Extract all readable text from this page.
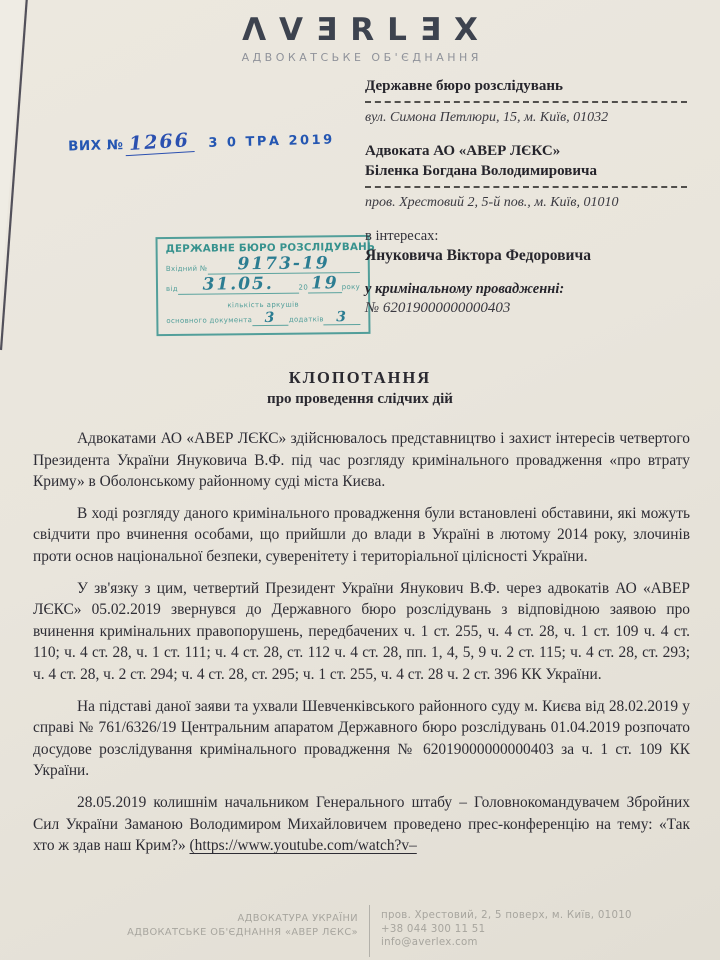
ΛVƎRLƎX
АДВОКАТСЬКЕ ОБ'ЄДНАННЯ
ВИХ № 1266 3 0 ТРА 2019
ДЕРЖАВНЕ БЮРО РОЗСЛІДУВАНЬ
Вхідний №	9173-19
від	31.05.	20 19 року
кількість аркушів
основного документа 3	додатків 3
Державне бюро розслідувань
вул. Симона Петлюри, 15, м. Київ, 01032
Адвоката АО «АВЕР ЛЄКС»
Біленка Богдана Володимировича
пров. Хрестовий 2, 5-й пов., м. Київ, 01010
в інтересах:
Януковича Віктора Федоровича
у кримінальному провадженні:
№ 62019000000000403
КЛОПОТАННЯ
про проведення слідчих дій

Адвокатами АО «АВЕР ЛЄКС» здійснювалось представництво і захист інтересів четвертого Президента України Януковича В.Ф. під час розгляду кримінального провадження «про втрату Криму» в Оболонському районному суді міста Києва.

В ході розгляду даного кримінального провадження були встановлені обставини, які можуть свідчити про вчинення особами, що прийшли до влади в Україні в лютому 2014 року, злочинів проти основ національної безпеки, суверенітету і територіальної цілісності України.

У зв'язку з цим, четвертий Президент України Янукович В.Ф. через адвокатів АО «АВЕР ЛЄКС» 05.02.2019 звернувся до Державного бюро розслідувань з відповідною заявою про вчинення кримінальних правопорушень, передбачених ч. 1 ст. 255, ч. 4 ст. 28, ч. 1 ст. 109 ч. 4 ст. 110; ч. 4 ст. 28, ч. 1 ст. 111; ч. 4 ст. 28, ст. 112 ч. 4 ст. 28, пп. 1, 4, 5, 9 ч. 2 ст. 115; ч. 4 ст. 28, ст. 293; ч. 4 ст. 28, ч. 2 ст. 294; ч. 4 ст. 28, ст. 295; ч. 1 ст. 255, ч. 4 ст. 28 ч. 2 ст. 396 КК України.

На підставі даної заяви та ухвали Шевченківського районного суду м. Києва від 28.02.2019 у справі № 761/6326/19 Центральним апаратом Державного бюро розслідувань 01.04.2019 розпочато досудове розслідування кримінального провадження № 62019000000000403 за ч. 1 ст. 109 КК України.

28.05.2019 колишнім начальником Генерального штабу – Головнокомандувачем Збройних Сил України Заманою Володимиром Михайловичем проведено прес-конференцію на тему: «Так хто ж здав наш Крим?» (https://www.youtube.com/watch?v–

АДВОКАТУРА УКРАЇНИ
АДВОКАТСЬКЕ ОБ'ЄДНАННЯ «АВЕР ЛЄКС»
пров. Хрестовий, 2, 5 поверх, м. Київ, 01010
+38 044 300 11 51
info@averlex.com
